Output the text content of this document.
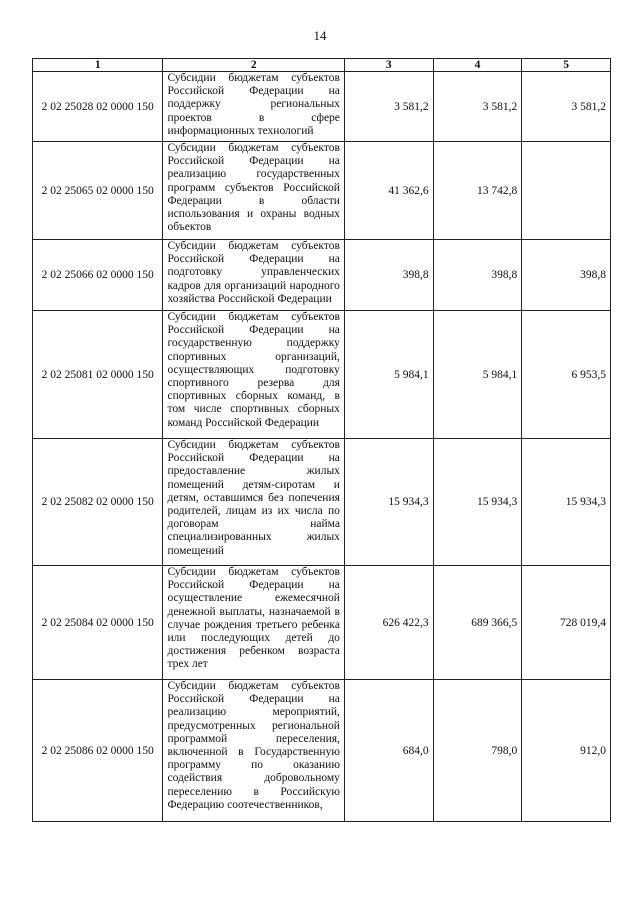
14
1	2	3	4	5
2 02 25028 02 0000 150	Субсидии бюджетам субъектов Российской Федерации на поддержку региональных проектов в сфере информационных технологий	3 581,2	3 581,2	3 581,2
2 02 25065 02 0000 150	Субсидии бюджетам субъектов Российской Федерации на реализацию государственных программ субъектов Российской Федерации в области использования и охраны водных объектов	41 362,6	13 742,8	
2 02 25066 02 0000 150	Субсидии бюджетам субъектов Российской Федерации на подготовку управленческих кадров для организаций народного хозяйства Российской Федерации	398,8	398,8	398,8
2 02 25081 02 0000 150	Субсидии бюджетам субъектов Российской Федерации на государственную поддержку спортивных организаций, осуществляющих подготовку спортивного резерва для спортивных сборных команд, в том числе спортивных сборных команд Российской Федерации	5 984,1	5 984,1	6 953,5
2 02 25082 02 0000 150	Субсидии бюджетам субъектов Российской Федерации на предоставление жилых помещений детям-сиротам и детям, оставшимся без попечения родителей, лицам из их числа по договорам найма специализированных жилых помещений	15 934,3	15 934,3	15 934,3
2 02 25084 02 0000 150	Субсидии бюджетам субъектов Российской Федерации на осуществление ежемесячной денежной выплаты, назначаемой в случае рождения третьего ребенка или последующих детей до достижения ребенком возраста трех лет	626 422,3	689 366,5	728 019,4
2 02 25086 02 0000 150	Субсидии бюджетам субъектов Российской Федерации на реализацию мероприятий, предусмотренных региональной программой переселения, включенной в Государственную программу по оказанию содействия добровольному переселению в Российскую Федерацию соотечественников,	684,0	798,0	912,0
